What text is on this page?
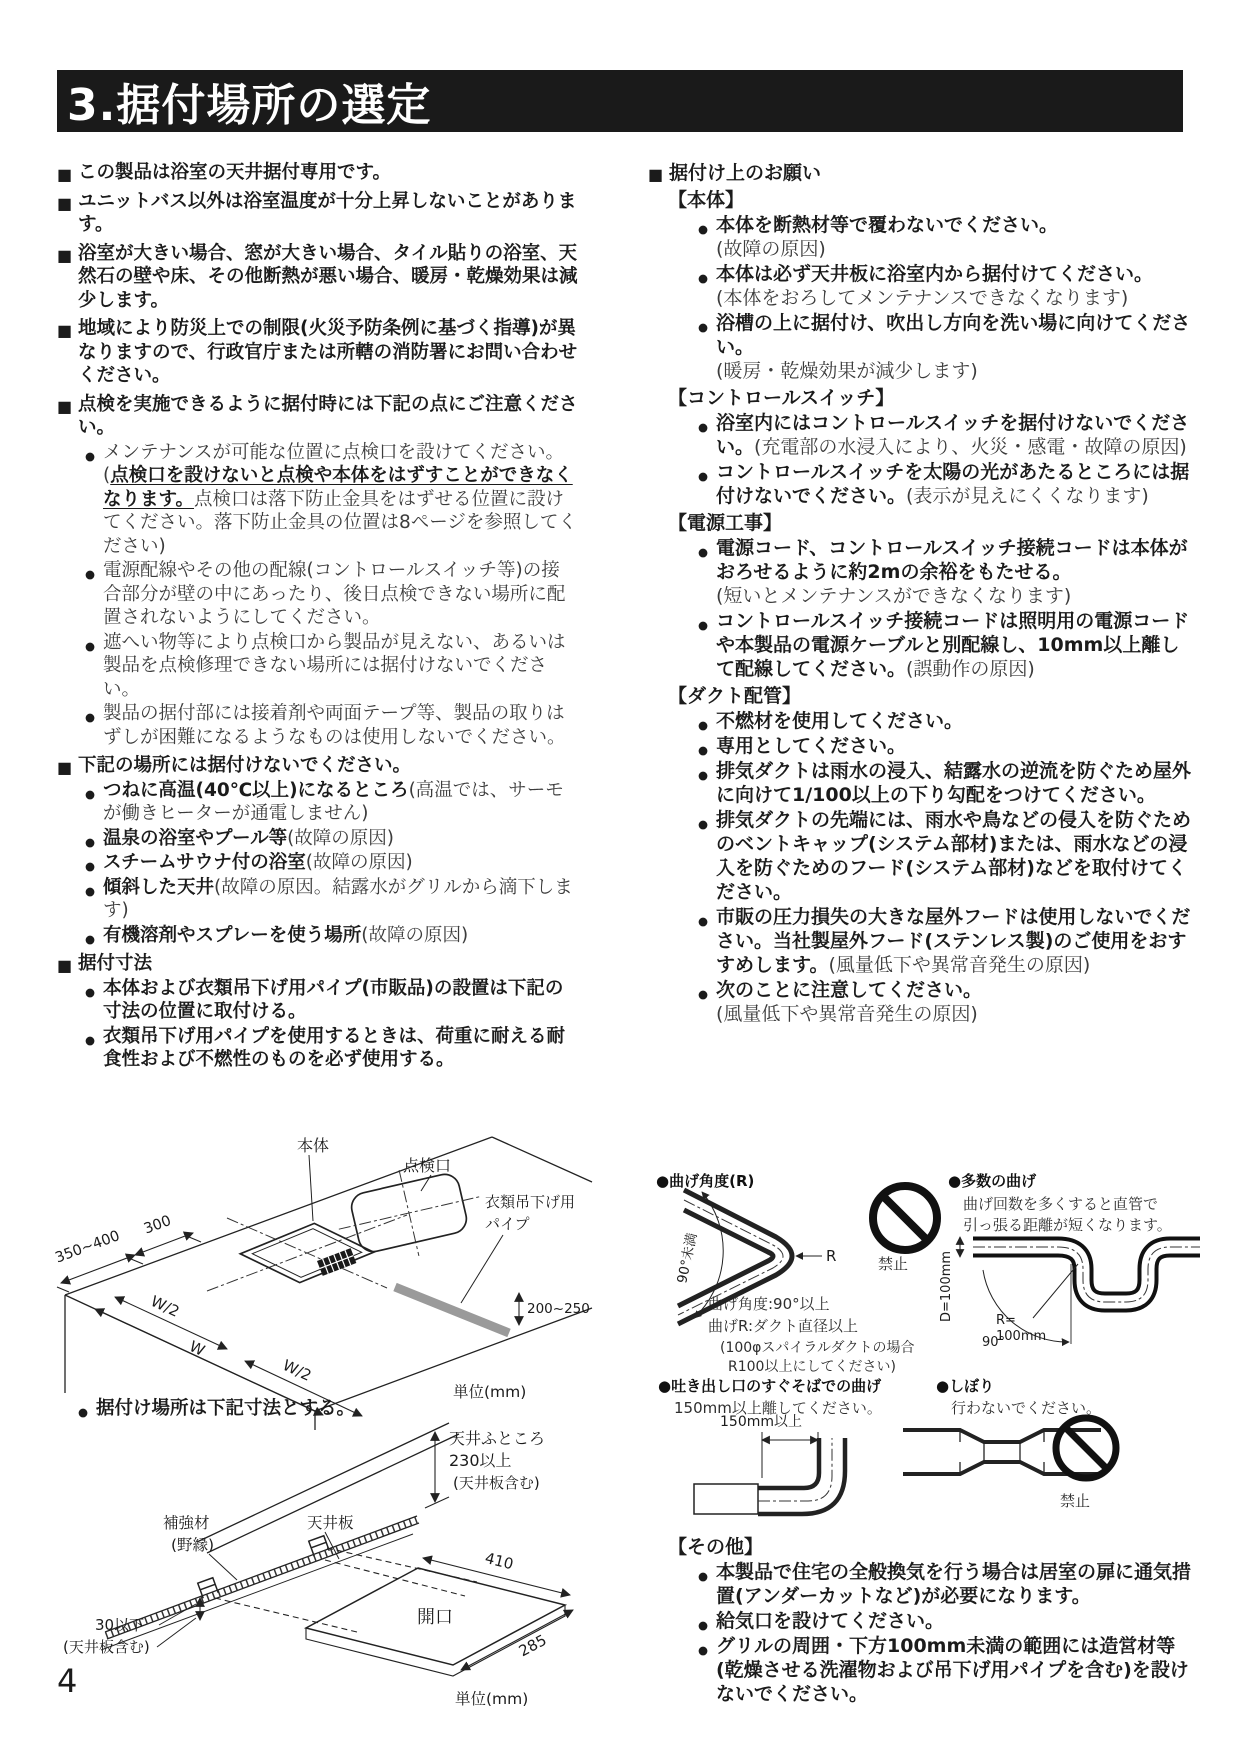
3.据付場所の選定
■ この製品は浴室の天井据付専用です。
■ ユニットバス以外は浴室温度が十分上昇しないことがあります。
■ 浴室が大きい場合、窓が大きい場合、タイル貼りの浴室、天然石の壁や床、その他断熱が悪い場合、暖房・乾燥効果は減少します。
■ 地域により防災上での制限(火災予防条例に基づく指導)が異なりますので、行政官庁または所轄の消防署にお問い合わせください。
■ 点検を実施できるように据付時には下記の点にご注意ください。
● メンテナンスが可能な位置に点検口を設けてください。(点検口を設けないと点検や本体をはずすことができなくなります。点検口は落下防止金具をはずせる位置に設けてください。落下防止金具の位置は8ページを参照してください)
● 電源配線やその他の配線(コントロールスイッチ等)の接合部分が壁の中にあったり、後日点検できない場所に配置されないようにしてください。
● 遮へい物等により点検口から製品が見えない、あるいは製品を点検修理できない場所には据付けないでください。
● 製品の据付部には接着剤や両面テープ等、製品の取りはずしが困難になるようなものは使用しないでください。
■ 下記の場所には据付けないでください。
● つねに高温(40℃以上)になるところ(高温では、サーモが働きヒーターが通電しません)
● 温泉の浴室やプール等(故障の原因)
● スチームサウナ付の浴室(故障の原因)
● 傾斜した天井(故障の原因。結露水がグリルから滴下します)
● 有機溶剤やスプレーを使う場所(故障の原因)
■ 据付寸法
● 本体および衣類吊下げ用パイプ(市販品)の設置は下記の寸法の位置に取付ける。
● 衣類吊下げ用パイプを使用するときは、荷重に耐える耐食性および不燃性のものを必ず使用する。
350~400
300
W/2
W
W/2
本体
点検口
衣類吊下げ用
パイプ
200~250
単位(mm)
● 据付け場所は下記寸法とする。
天井ふところ
230以上
(天井板含む)
開口
410
285
30以下
(天井板含む)
補強材
(野縁)
天井板
単位(mm)
■ 据付け上のお願い
【本体】
● 本体を断熱材等で覆わないでください。
(故障の原因)
● 本体は必ず天井板に浴室内から据付けてください。
(本体をおろしてメンテナンスできなくなります)
● 浴槽の上に据付け、吹出し方向を洗い場に向けてください。
(暖房・乾燥効果が減少します)
【コントロールスイッチ】
● 浴室内にはコントロールスイッチを据付けないでください。(充電部の水浸入により、火災・感電・故障の原因)
● コントロールスイッチを太陽の光があたるところには据付けないでください。(表示が見えにくくなります)
【電源工事】
● 電源コード、コントロールスイッチ接続コードは本体がおろせるように約2mの余裕をもたせる。
(短いとメンテナンスができなくなります)
● コントロールスイッチ接続コードは照明用の電源コードや本製品の電源ケーブルと別配線し、10mm以上離して配線してください。(誤動作の原因)
【ダクト配管】
● 不燃材を使用してください。
● 専用としてください。
● 排気ダクトは雨水の浸入、結露水の逆流を防ぐため屋外に向けて1/100以上の下り勾配をつけてください。
● 排気ダクトの先端には、雨水や鳥などの侵入を防ぐためのベントキャップ(システム部材)または、雨水などの浸入を防ぐためのフード(システム部材)などを取付けてください。
● 市販の圧力損失の大きな屋外フードは使用しないでください。当社製屋外フード(ステンレス製)のご使用をおすすめします。(風量低下や異常音発生の原因)
● 次のことに注意してください。
(風量低下や異常音発生の原因)
●曲げ角度(R)	●多数の曲げ
曲げ回数を多くすると直管で
引っ張る距離が短くなります。
曲げ角度:90°以上
曲げR:ダクト直径以上
(100φスパイラルダクトの場合
R100以上にしてください)
●吐き出し口のすぐそばでの曲げ
150mm以上離してください。
●しぼり
行わないでください。
禁止
禁止
90°未満	R	D=100mm	R=
100mm
90°
150mm以上
【その他】
● 本製品で住宅の全般換気を行う場合は居室の扉に通気措置(アンダーカットなど)が必要になります。
● 給気口を設けてください。
● グリルの周囲・下方100mm未満の範囲には造営材等(乾燥させる洗濯物および吊下げ用パイプを含む)を設けないでください。
4
